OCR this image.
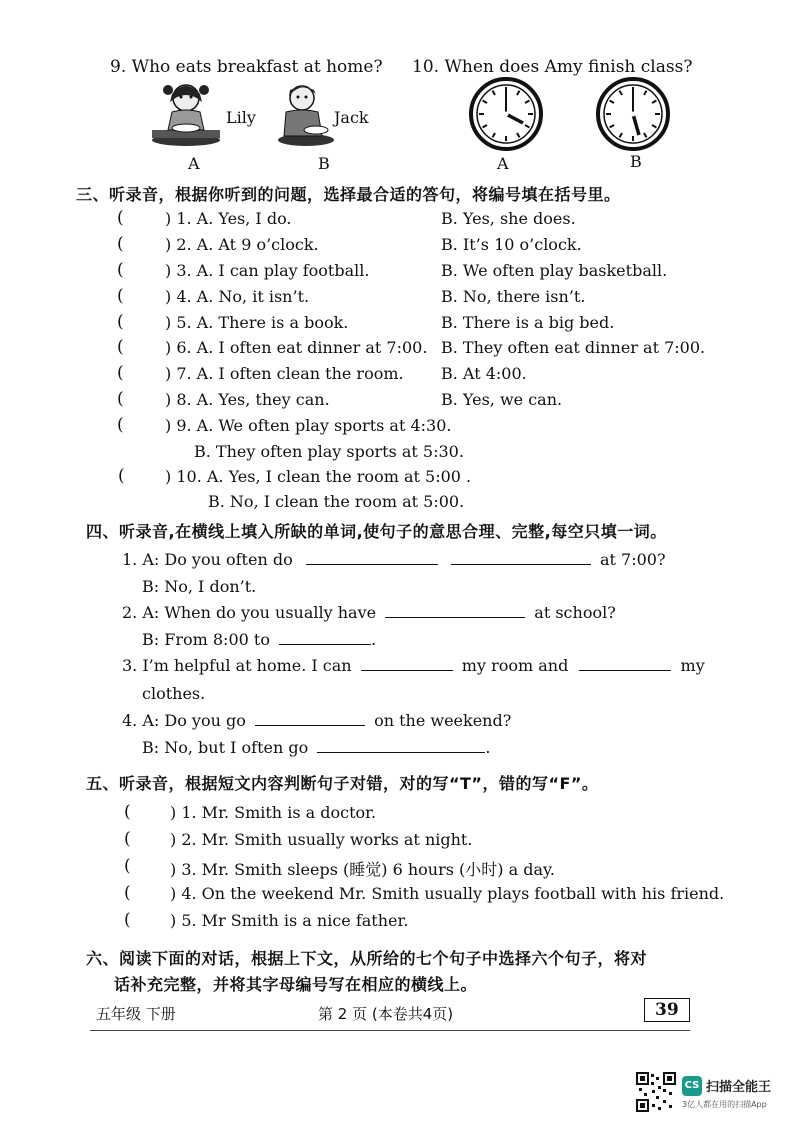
9. Who eats breakfast at home? 10. When does Amy finish class?
Lily	Jack
A	B	A	B
三、听录音，根据你听到的问题，选择最合适的答句，将编号填在括号里。
(	) 1. A. Yes, I do.	B. Yes, she does.
(	) 2. A. At 9 o’clock.	B. It’s 10 o’clock.
(	) 3. A. I can play football.	B. We often play basketball.
(	) 4. A. No, it isn’t.	B. No, there isn’t.
(	) 5. A. There is a book.	B. There is a big bed.
(	) 6. A. I often eat dinner at 7:00. B. They often eat dinner at 7:00.
(	) 7. A. I often clean the room. B. At 4:00.
(	) 8. A. Yes, they can.	B. Yes, we can.
(	) 9. A. We often play sports at 4:30.
B. They often play sports at 5:30.
(	) 10. A. Yes, I clean the room at 5:00 .
B. No, I clean the room at 5:00.
四、听录音,在横线上填入所缺的单词,使句子的意思合理、完整,每空只填一词。
1. A: Do you often do	at 7:00?
B: No, I don’t.
2. A: When do you usually have	at school?
B: From 8:00 to	.
3. I’m helpful at home. I can	my room and	my
clothes.
4. A: Do you go	on the weekend?
B: No, but I often go	.
五、听录音，根据短文内容判断句子对错，对的写“T”，错的写“F”。
( ) 1. Mr. Smith is a doctor.
( ) 2. Mr. Smith usually works at night.
( ) 3. Mr. Smith sleeps (睡觉) 6 hours (小时) a day.
( ) 4. On the weekend Mr. Smith usually plays football with his friend.
( ) 5. Mr Smith is a nice father.
六、阅读下面的对话，根据上下文，从所给的七个句子中选择六个句子，将对
话补充完整，并将其字母编号写在相应的横线上。
五年级 下册	第 2 页 (本卷共4页)	39
CS 扫描全能王
3亿人都在用的扫描App
